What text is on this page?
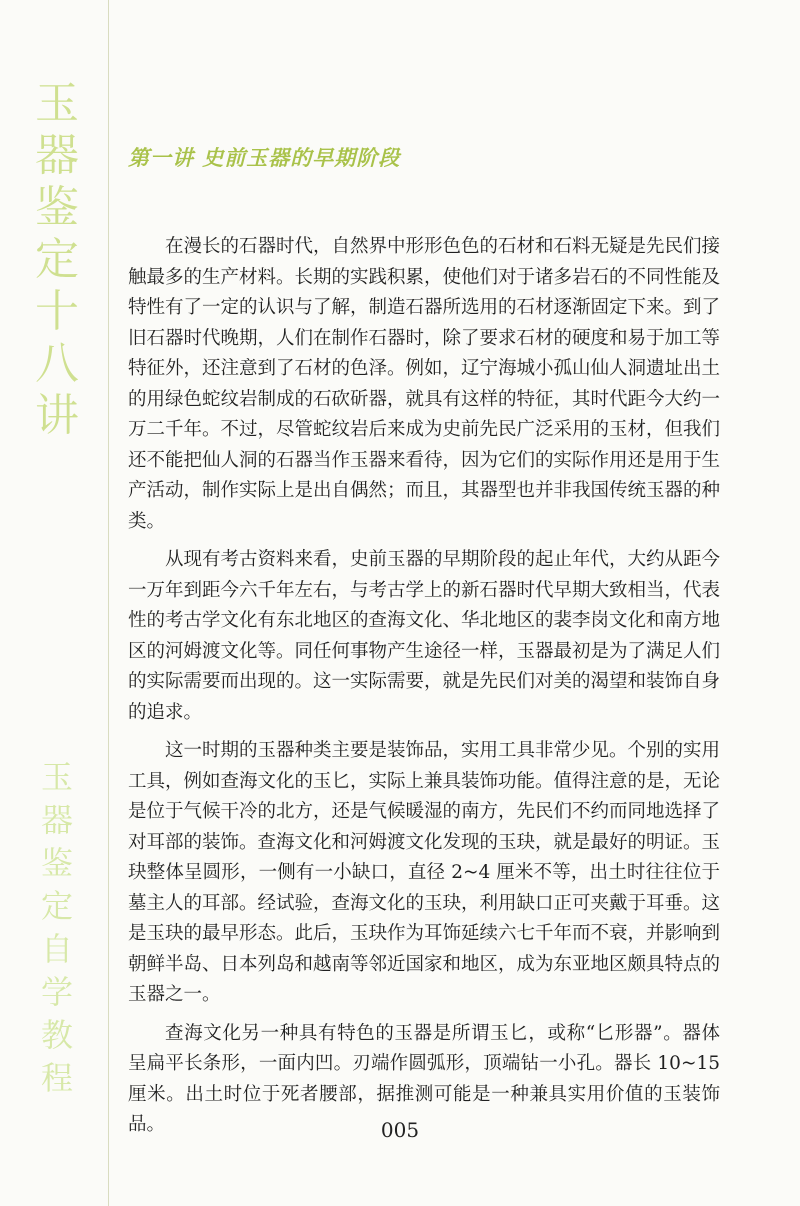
玉
器
鉴
定
十
八
讲
玉
器
鉴
定
自
学
教
程
第一讲 史前玉器的早期阶段

在漫长的石器时代，自然界中形形色色的石材和石料无疑是先民们接触最多的生产材料。长期的实践积累，使他们对于诸多岩石的不同性能及特性有了一定的认识与了解，制造石器所选用的石材逐渐固定下来。到了旧石器时代晚期，人们在制作石器时，除了要求石材的硬度和易于加工等特征外，还注意到了石材的色泽。例如，辽宁海城小孤山仙人洞遗址出土的用绿色蛇纹岩制成的石砍斫器，就具有这样的特征，其时代距今大约一万二千年。不过，尽管蛇纹岩后来成为史前先民广泛采用的玉材，但我们还不能把仙人洞的石器当作玉器来看待，因为它们的实际作用还是用于生产活动，制作实际上是出自偶然；而且，其器型也并非我国传统玉器的种类。

从现有考古资料来看，史前玉器的早期阶段的起止年代，大约从距今一万年到距今六千年左右，与考古学上的新石器时代早期大致相当，代表性的考古学文化有东北地区的查海文化、华北地区的裴李岗文化和南方地区的河姆渡文化等。同任何事物产生途径一样，玉器最初是为了满足人们的实际需要而出现的。这一实际需要，就是先民们对美的渴望和装饰自身的追求。

这一时期的玉器种类主要是装饰品，实用工具非常少见。个别的实用工具，例如查海文化的玉匕，实际上兼具装饰功能。值得注意的是，无论是位于气候干冷的北方，还是气候暖湿的南方，先民们不约而同地选择了对耳部的装饰。查海文化和河姆渡文化发现的玉玦，就是最好的明证。玉玦整体呈圆形，一侧有一小缺口，直径 2~4 厘米不等，出土时往往位于墓主人的耳部。经试验，查海文化的玉玦，利用缺口正可夹戴于耳垂。这是玉玦的最早形态。此后，玉玦作为耳饰延续六七千年而不衰，并影响到朝鲜半岛、日本列岛和越南等邻近国家和地区，成为东亚地区颇具特点的玉器之一。

查海文化另一种具有特色的玉器是所谓玉匕，或称“匕形器”。器体呈扁平长条形，一面内凹。刃端作圆弧形，顶端钻一小孔。器长 10~15 厘米。出土时位于死者腰部，据推测可能是一种兼具实用价值的玉装饰品。	005
